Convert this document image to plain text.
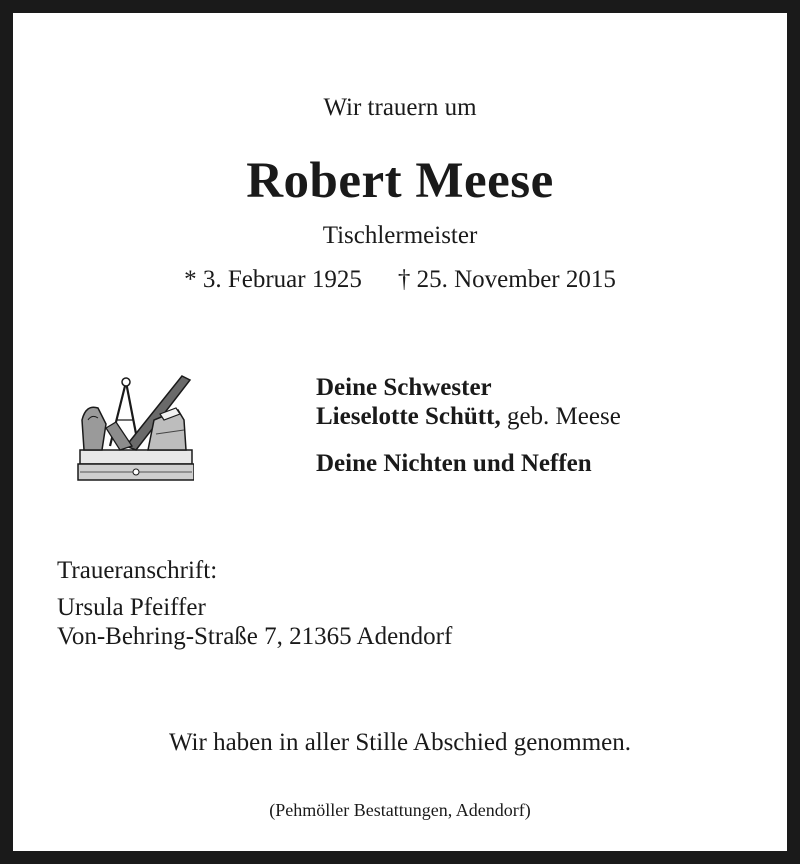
Wir trauern um
Robert Meese
Tischlermeister
* 3. Februar 1925 † 25. November 2015
Deine Schwester
Lieselotte Schütt, geb. Meese
Deine Nichten und Neffen
Traueranschrift:
Ursula Pfeiffer
Von-Behring-Straße 7, 21365 Adendorf
Wir haben in aller Stille Abschied genommen.
(Pehmöller Bestattungen, Adendorf)
